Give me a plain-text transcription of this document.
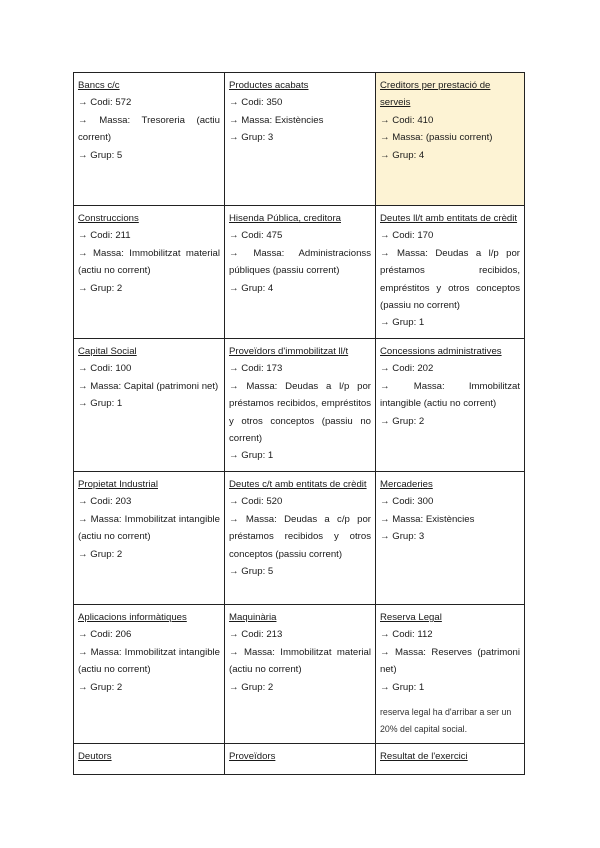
Bancs c/c
→ Codi: 572
→ Massa: Tresoreria (actiu corrent)
→ Grup: 5	Productes acabats
→ Codi: 350
→ Massa: Existències
→ Grup: 3	Creditors per prestació de serveis
→ Codi: 410
→ Massa: (passiu corrent)
→ Grup: 4

Construccions
→ Codi: 211
→ Massa: Immobilitzat material (actiu no corrent)
→ Grup: 2	Hisenda Pública, creditora
→ Codi: 475
→ Massa: Administracionss públiques (passiu corrent)
→ Grup: 4	Deutes ll/t amb entitats de crèdit
→ Codi: 170
→ Massa: Deudas a l/p por préstamos recibidos, empréstitos y otros conceptos (passiu no corrent)
→ Grup: 1

Capital Social
→ Codi: 100
→ Massa: Capital (patrimoni net)
→ Grup: 1	Proveïdors d'immobilitzat ll/t
→ Codi: 173
→ Massa: Deudas a l/p por préstamos recibidos, empréstitos y otros conceptos (passiu no corrent)
→ Grup: 1	Concessions administratives
→ Codi: 202
→ Massa: Immobilitzat intangible (actiu no corrent)
→ Grup: 2

Propietat Industrial
→ Codi: 203
→ Massa: Immobilitzat intangible (actiu no corrent)
→ Grup: 2	Deutes c/t amb entitats de crèdit
→ Codi: 520
→ Massa: Deudas a c/p por préstamos recibidos y otros conceptos (passiu corrent)
→ Grup: 5	Mercaderies
→ Codi: 300
→ Massa: Existències
→ Grup: 3

Aplicacions informàtiques
→ Codi: 206
→ Massa: Immobilitzat intangible (actiu no corrent)
→ Grup: 2	Maquinària
→ Codi: 213
→ Massa: Immobilitzat material (actiu no corrent)
→ Grup: 2	Reserva Legal
→ Codi: 112
→ Massa: Reserves (patrimoni net)
→ Grup: 1
reserva legal ha d'arribar a ser un 20% del capital social.

Deutors	Proveïdors	Resultat de l'exercici
